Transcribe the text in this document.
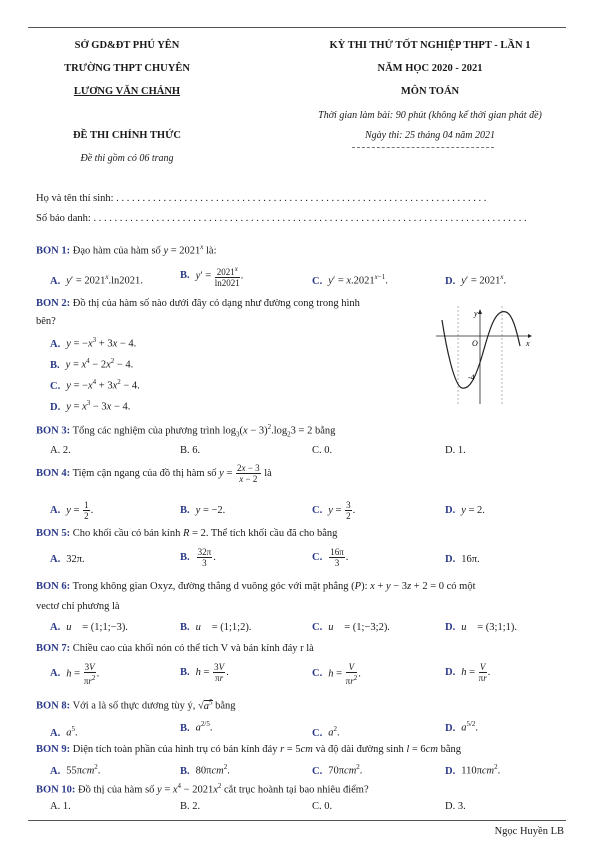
SỞ GD&ĐT PHÚ YÊN
TRƯỜNG THPT CHUYÊN
LƯƠNG VĂN CHÁNH
ĐỀ THI CHÍNH THỨC
Đề thi gồm có 06 trang
KỲ THI THỬ TỐT NGHIỆP THPT - LẦN 1
NĂM HỌC 2020 - 2021
MÔN TOÁN
Thời gian làm bài: 90 phút (không kể thời gian phát đề)
Ngày thi: 25 tháng 04 năm 2021
Họ và tên thí sinh: . . . . . . . . . . . . . . . . . . . . . . . . . . . . . . . . . . . . . . . . . . . . . . . . . . . . . . . . . . . . . . . . . . . . . . .
Số báo danh: . . . . . . . . . . . . . . . . . . . . . . . . . . . . . . . . . . . . . . . . . . . . . . . . . . . . . . . . . . . . . . . . . . . . . . . . . . . . . . . . . . .
BON 1: Đạo hàm của hàm số $y = 2021^x$ là:
A. $y' = 2021^x.\ln 2021$.	B. $y' = \frac{2021^x}{\ln 2021}$ .	C. $y' = x.2021^{x-1}$.	D. $y' = 2021^x$.
BON 2: Đồ thị của hàm số nào dưới đây có dạng như đường cong trong hình
bên?
A. $y = -x^3 + 3x - 4$.
B. $y = x^4 - 2x^2 - 4$.
C. $y = -x^4 + 3x^2 - 4$.
D. $y = x^3 - 3x - 4$.
y
x
O
-4
BON 3: Tổng các nghiệm của phương trình $\log_3(x - 3)^2.\log_23 = 2$ bằng
A. 2.	B. 6.	C. 0.	D. 1.
BON 4: Tiệm cận ngang của đồ thị hàm số $y = \frac{2x - 3}{x - 2}$ là
A. $y = \frac{1}{2}$ .	B. y = −2.	C. $y = \frac{3}{2}$ .	D. y = 2.
BON 5: Cho khối cầu có bán kính R = 2. Thể tích khối cầu đã cho bằng
A. 32π.	B. $\frac{32\pi}{3}$ .	C. $\frac{16\pi}{3}$ .	D. 16π.
BON 6: Trong không gian Oxyz, đường thẳng d vuông góc với mặt phẳng (P): x + y − 3z + 2 = 0 có một
vectơ chỉ phương là
A. u⃗ = (1;1;−3).	B. u⃗ = (1;1;2).	C. u⃗ = (1;−3;2).	D. u⃗ = (3;1;1).
BON 7: Chiều cao của khối nón có thể tích V và bán kính đáy r là
A. $h = \frac{3V}{\pi r^2}$ .	B. $h = \frac{3V}{\pi r}$ .	C. $h = \frac{V}{\pi r^2}$ .	D. $h = \frac{V}{\pi r}$ .
BON 8: Với a là số thực dương tùy ý, $√a^5$ bằng
A. $a^5$.	B. $a^{2/5}$.	C. $a^2$.	D. $a^{5/2}$.
BON 9: Diện tích toàn phần của hình trụ có bán kính đáy r = 5cm và độ dài đường sinh l = 6cm bằng
A. 55πcm$^2$.	B. 80πcm$^2$.	C. 70πcm$^2$.	D. 110πcm$^2$.
BON 10: Đồ thị của hàm số $y = x^4 - 2021x^2$ cắt trục hoành tại bao nhiêu điểm?
A. 1.	B. 2.	C. 0.	D. 3.
Ngọc Huyền LB
